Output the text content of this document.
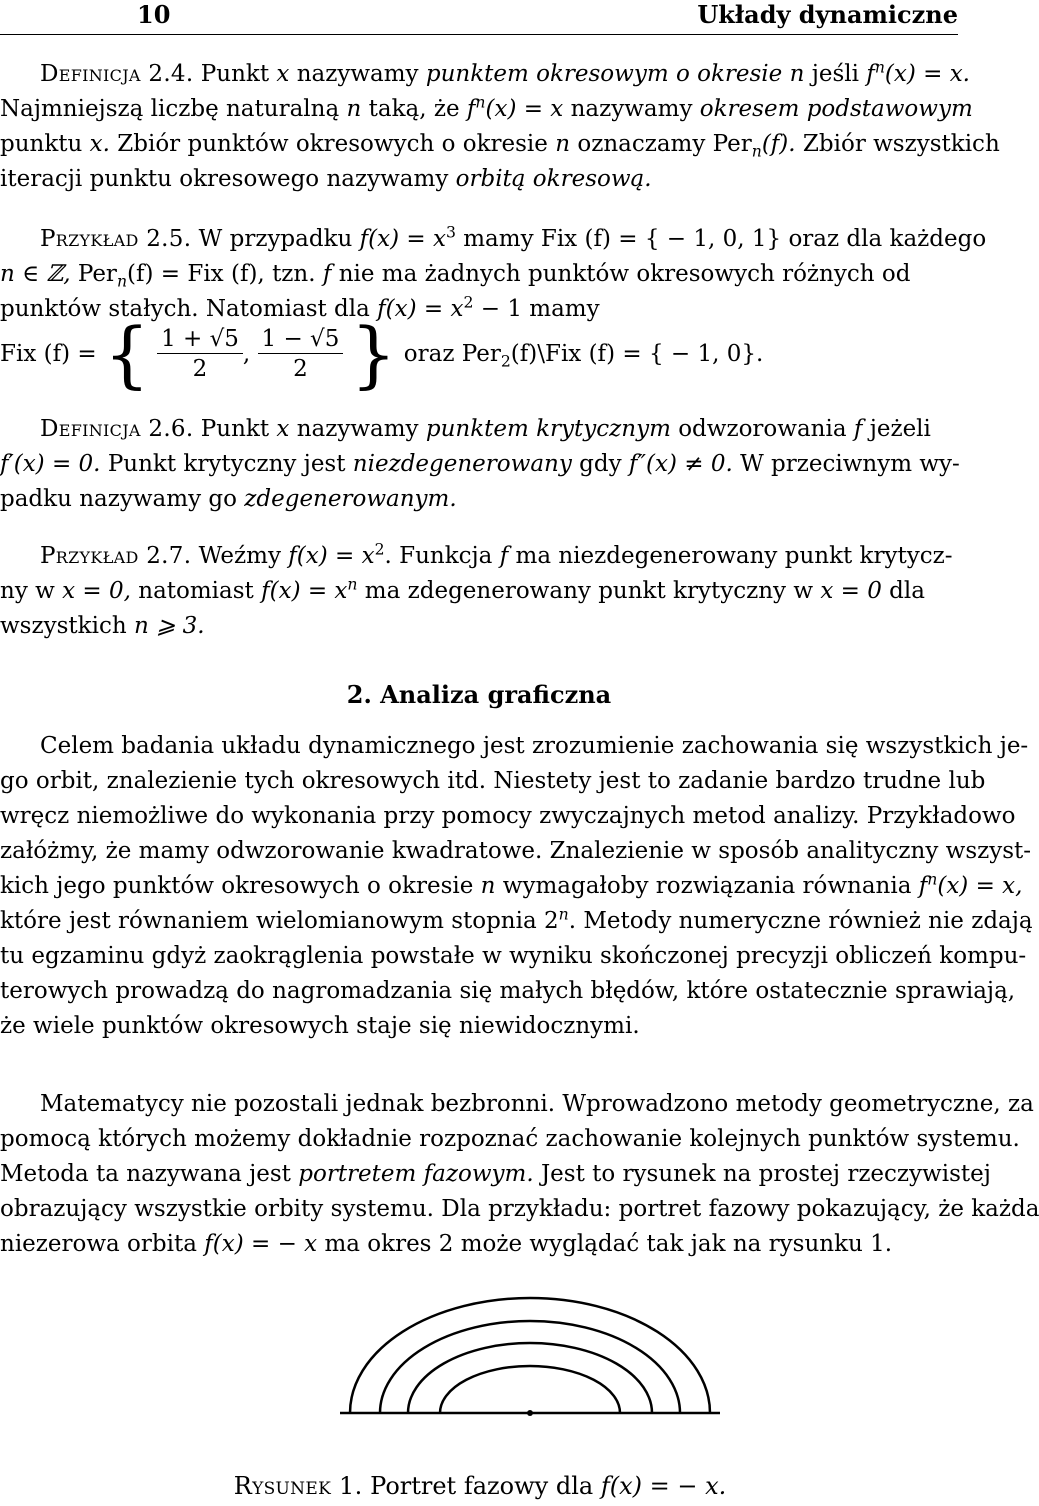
10	Układy dynamiczne
Definicja 2.4. Punkt x nazywamy punktem okresowym o okresie n jeśli $f^n(x) = x$.
Najmniejszą liczbę naturalną n taką, że $f^n(x) = x$ nazywamy okresem podstawowym
punktu x. Zbiór punktów okresowych o okresie n oznaczamy Per$_n$(f). Zbiór wszystkich
iteracji punktu okresowego nazywamy orbitą okresową.
Przykład 2.5. W przypadku $f(x) = x^3$ mamy Fix (f) = { − 1, 0, 1} oraz dla każdego
n ∈ ℤ, Per$_n$(f) = Fix (f), tzn. f nie ma żadnych punktów okresowych różnych od
punktów stałych. Natomiast dla $f(x) = x^2 - 1$ mamy
Fix (f) = { $\frac{1 + √5}{2}$ , $\frac{1 - √5}{2}$ } oraz Per$_2$(f)\Fix (f) = { − 1, 0}.
Definicja 2.6. Punkt x nazywamy punktem krytycznym odwzorowania f jeżeli
f′(x) = 0. Punkt krytyczny jest niezdegenerowany gdy f″(x) ≠ 0. W przeciwnym wy-
padku nazywamy go zdegenerowanym.
Przykład 2.7. Weźmy $f(x) = x^2$. Funkcja f ma niezdegenerowany punkt krytycz-
ny w x = 0, natomiast $f(x) = x^n$ ma zdegenerowany punkt krytyczny w x = 0 dla
wszystkich n ⩾ 3.
2. Analiza graficzna
Celem badania układu dynamicznego jest zrozumienie zachowania się wszystkich je-
go orbit, znalezienie tych okresowych itd. Niestety jest to zadanie bardzo trudne lub
wręcz niemożliwe do wykonania przy pomocy zwyczajnych metod analizy. Przykładowo
załóżmy, że mamy odwzorowanie kwadratowe. Znalezienie w sposób analityczny wszyst-
kich jego punktów okresowych o okresie n wymagałoby rozwiązania równania $f^n(x) = x$,
które jest równaniem wielomianowym stopnia 2$^n$. Metody numeryczne również nie zdają
tu egzaminu gdyż zaokrąglenia powstałe w wyniku skończonej precyzji obliczeń kompu-
terowych prowadzą do nagromadzania się małych błędów, które ostatecznie sprawiają,
że wiele punktów okresowych staje się niewidocznymi.
Matematycy nie pozostali jednak bezbronni. Wprowadzono metody geometryczne, za
pomocą których możemy dokładnie rozpoznać zachowanie kolejnych punktów systemu.
Metoda ta nazywana jest portretem fazowym. Jest to rysunek na prostej rzeczywistej
obrazujący wszystkie orbity systemu. Dla przykładu: portret fazowy pokazujący, że każda
niezerowa orbita f(x) = − x ma okres 2 może wyglądać tak jak na rysunku 1.
Rysunek 1. Portret fazowy dla f(x) = − x.
